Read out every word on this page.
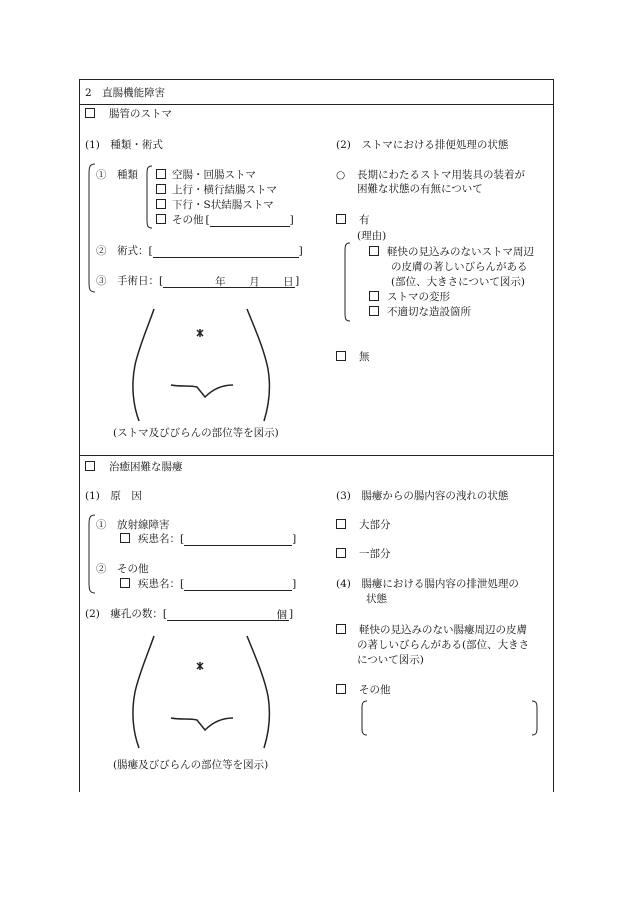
2　直腸機能障害
腸管のストマ
(1)　種類・術式
①　種類	空腸・回腸ストマ
上行・横行結腸ストマ
下行・S状結腸ストマ
その他 [	]
②　術式：[	]
③　手術日：[	年 月 日 ]
(ストマ及びびらんの部位等を図示)
(2)　ストマにおける排便処理の状態
○ 長期にわたるストマ用装具の装着が
困難な状態の有無について
有
(理由)
軽快の見込みのないストマ周辺
の皮膚の著しいびらんがある
(部位、大きさについて図示)
ストマの変形
不適切な造設箇所
無
治癒困難な腸瘻
(1)　原　因
①　放射線障害
疾患名：[	]
②　その他
疾患名：[	]
(2)　瘻孔の数：[	個 ]
(腸瘻及びびらんの部位等を図示)
(3)　腸瘻からの腸内容の洩れの状態
大部分
一部分
(4)　腸瘻における腸内容の排泄処理の
状態
軽快の見込みのない腸瘻周辺の皮膚
の著しいびらんがある(部位、大きさ
について図示)
その他
